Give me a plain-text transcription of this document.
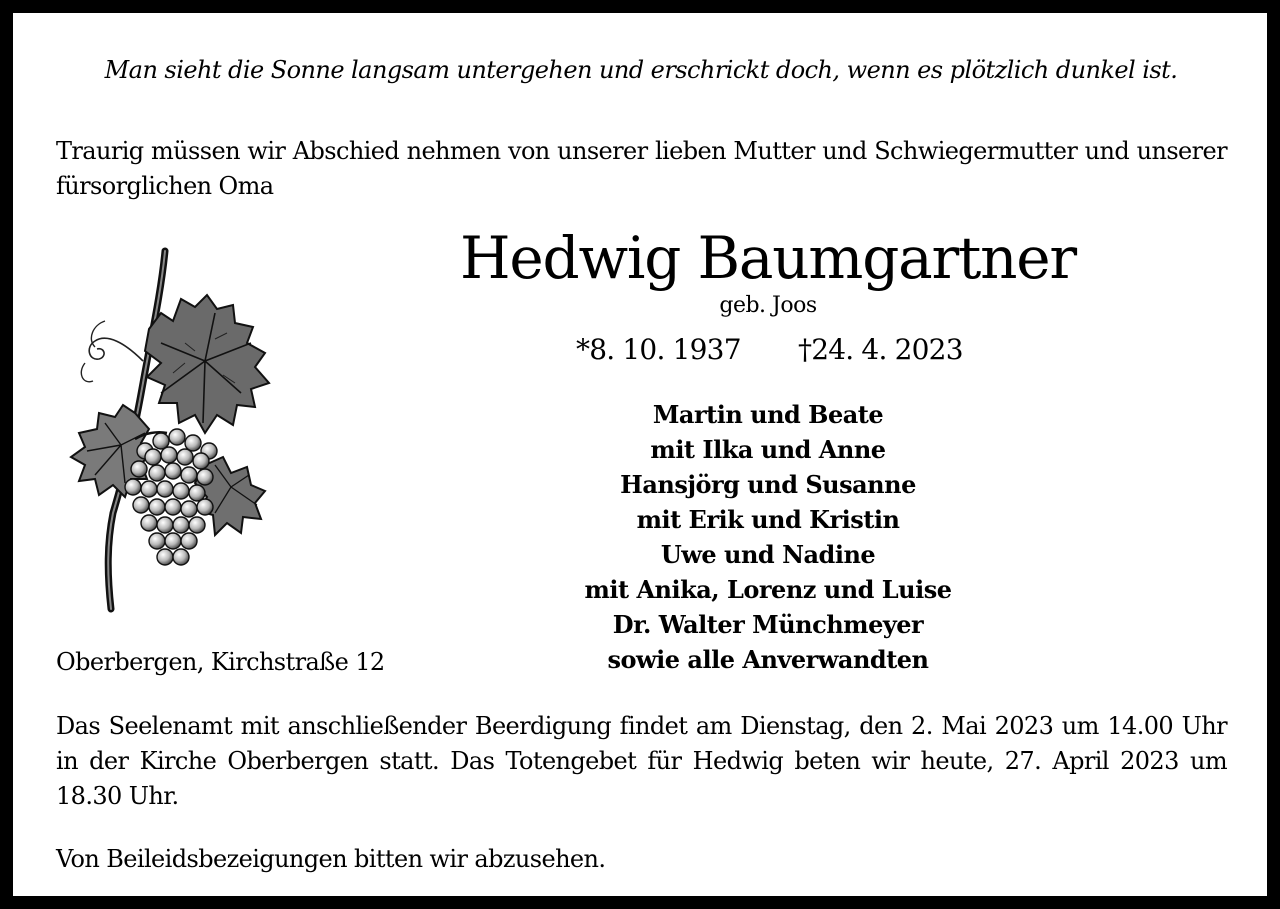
Man sieht die Sonne langsam untergehen und erschrickt doch, wenn es plötzlich dunkel ist.

Traurig müssen wir Abschied nehmen von unserer lieben Mutter und Schwiegermutter und unserer fürsorglichen Oma

Hedwig Baumgartner
geb. Joos
*8. 10. 1937 †24. 4. 2023
Martin und Beate
mit Ilka und Anne
Hansjörg und Susanne
mit Erik und Kristin
Uwe und Nadine
mit Anika, Lorenz und Luise
Dr. Walter Münchmeyer
sowie alle Anverwandten
Oberbergen, Kirchstraße 12

Das Seelenamt mit anschließender Beerdigung findet am Dienstag, den 2. Mai 2023 um 14.00 Uhr in der Kirche Oberbergen statt. Das Totengebet für Hedwig beten wir heute, 27. April 2023 um 18.30 Uhr.

Von Beileidsbezeigungen bitten wir abzusehen.
